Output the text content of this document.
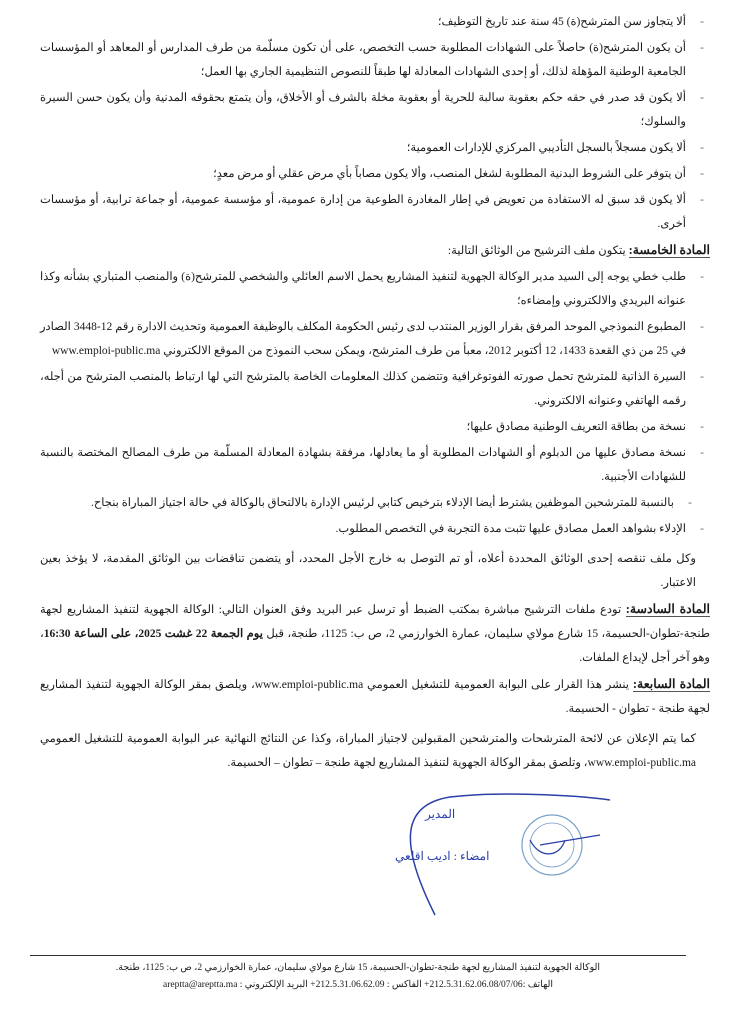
- ألا يتجاوز سن المترشح(ة) 45 سنة عند تاريخ التوظيف؛
- أن يكون المترشح(ة) حاصلاً على الشهادات المطلوبة حسب التخصص، على أن تكون مسلّمة من طرف المدارس أو المعاهد أو المؤسسات الجامعية الوطنية المؤهلة لذلك، أو إحدى الشهادات المعادلة لها طبقاً للنصوص التنظيمية الجاري بها العمل؛
- ألا يكون قد صدر في حقه حكم بعقوبة سالبة للحرية أو بعقوبة مخلة بالشرف أو الأخلاق، وأن يتمتع بحقوقه المدنية وأن يكون حسن السيرة والسلوك؛
- ألا يكون مسجلاً بالسجل التأديبي المركزي للإدارات العمومية؛
- أن يتوفر على الشروط البدنية المطلوبة لشغل المنصب، وألا يكون مصاباً بأي مرض عقلي أو مرض معدٍ؛
- ألا يكون قد سبق له الاستفادة من تعويض في إطار المغادرة الطوعية من إدارة عمومية، أو مؤسسة عمومية، أو جماعة ترابية، أو مؤسسات أخرى.
المادة الخامسة: يتكون ملف الترشيح من الوثائق التالية:
- طلب خطي يوجه إلى السيد مدير الوكالة الجهوية لتنفيذ المشاريع يحمل الاسم العائلي والشخصي للمترشح(ة) والمنصب المتباري بشأنه وكذا عنوانه البريدي والالكتروني وإمضاءه؛
- المطبوع النموذجي الموحد المرفق بقرار الوزير المنتدب لدى رئيس الحكومة المكلف بالوظيفة العمومية وتحديث الادارة رقم 12-3448 الصادر في 25 من ذي القعدة 1433، 12 أكتوبر 2012، معبأ من طرف المترشح، ويمكن سحب النموذج من الموقع الالكتروني www.emploi-public.ma
- السيرة الذاتية للمترشح تحمل صورته الفوتوغرافية وتتضمن كذلك المعلومات الخاصة بالمترشح التي لها ارتباط بالمنصب المترشح من أجله، رقمه الهاتفي وعنوانه الالكتروني.
- نسخة من بطاقة التعريف الوطنية مصادق عليها؛
- نسخة مصادق عليها من الدبلوم أو الشهادات المطلوبة أو ما يعادلها، مرفقة بشهادة المعادلة المسلّمة من طرف المصالح المختصة بالنسبة للشهادات الأجنبية.
- بالنسبة للمترشحين الموظفين يشترط أيضا الإدلاء بترخيص كتابي لرئيس الإدارة بالالتحاق بالوكالة في حالة اجتياز المباراة بنجاح.
- الإدلاء بشواهد العمل مصادق عليها تثبت مدة التجربة في التخصص المطلوب.
وكل ملف تنقصه إحدى الوثائق المحددة أعلاه، أو تم التوصل به خارج الأجل المحدد، أو يتضمن تناقضات بين الوثائق المقدمة، لا يؤخذ بعين الاعتبار.
المادة السادسة: تودع ملفات الترشيح مباشرة بمكتب الضبط أو ترسل عبر البريد وفق العنوان التالي: الوكالة الجهوية لتنفيذ المشاريع لجهة طنجة-تطوان-الحسيمة، 15 شارع مولاي سليمان، عمارة الخوارزمي 2، ص ب: 1125، طنجة، قبل يوم الجمعة 22 غشت 2025، على الساعة 16:30، وهو آخر أجل لإيداع الملفات.
المادة السابعة: ينشر هذا القرار على البوابة العمومية للتشغيل العمومي www.emploi-public.ma، ويلصق بمقر الوكالة الجهوية لتنفيذ المشاريع لجهة طنجة - تطوان - الحسيمة.
كما يتم الإعلان عن لائحة المترشحات والمترشحين المقبولين لاجتياز المباراة، وكذا عن النتائج النهائية عبر البوابة العمومية للتشغيل العمومي www.emploi-public.ma، وتلصق بمقر الوكالة الجهوية لتنفيذ المشاريع لجهة طنجة – تطوان – الحسيمة.
المدير
امضاء : اديب اقلعي
الوكالة الجهوية لتنفيذ المشاريع لجهة طنجة-تطوان-الحسيمة، 15 شارع مولاي سليمان، عمارة الخوارزمي 2، ص ب: 1125، طنجة.
الهاتف :212.5.31.62.06.08/07/06+ الفاكس : 212.5.31.06.62.09+ البريد الإلكتروني : areptta@areptta.ma
